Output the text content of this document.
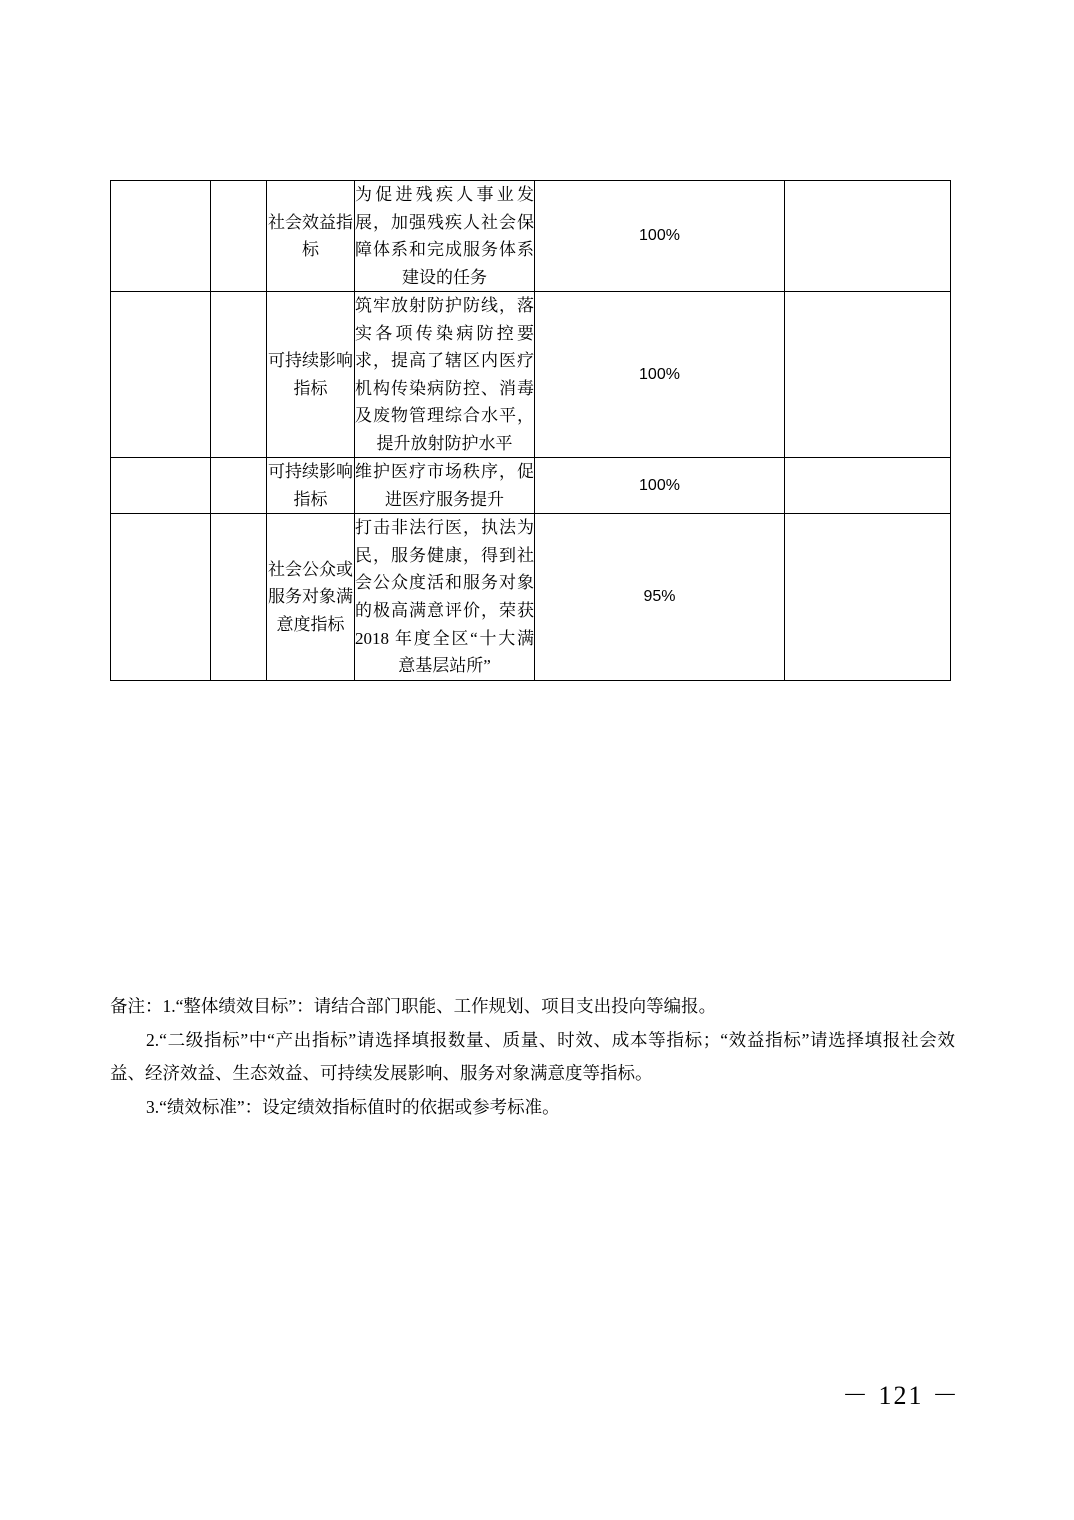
		社会效益指标	为促进残疾人事业发展，加强残疾人社会保障体系和完成服务体系建设的任务	100%	
		可持续影响指标	筑牢放射防护防线，落实各项传染病防控要求，提高了辖区内医疗机构传染病防控、消毒及废物管理综合水平，提升放射防护水平	100%	
		可持续影响指标	维护医疗市场秩序，促进医疗服务提升	100%	
		社会公众或服务对象满意度指标	打击非法行医，执法为民，服务健康，得到社会公众度活和服务对象的极高满意评价，荣获 2018 年度全区“十大满意基层站所”	95%	

备注：1.“整体绩效目标”：请结合部门职能、工作规划、项目支出投向等编报。

2.“二级指标”中“产出指标”请选择填报数量、质量、时效、成本等指标；“效益指标”请选择填报社会效益、经济效益、生态效益、可持续发展影响、服务对象满意度等指标。

3.“绩效标准”：设定绩效指标值时的依据或参考标准。

－ 121 －
